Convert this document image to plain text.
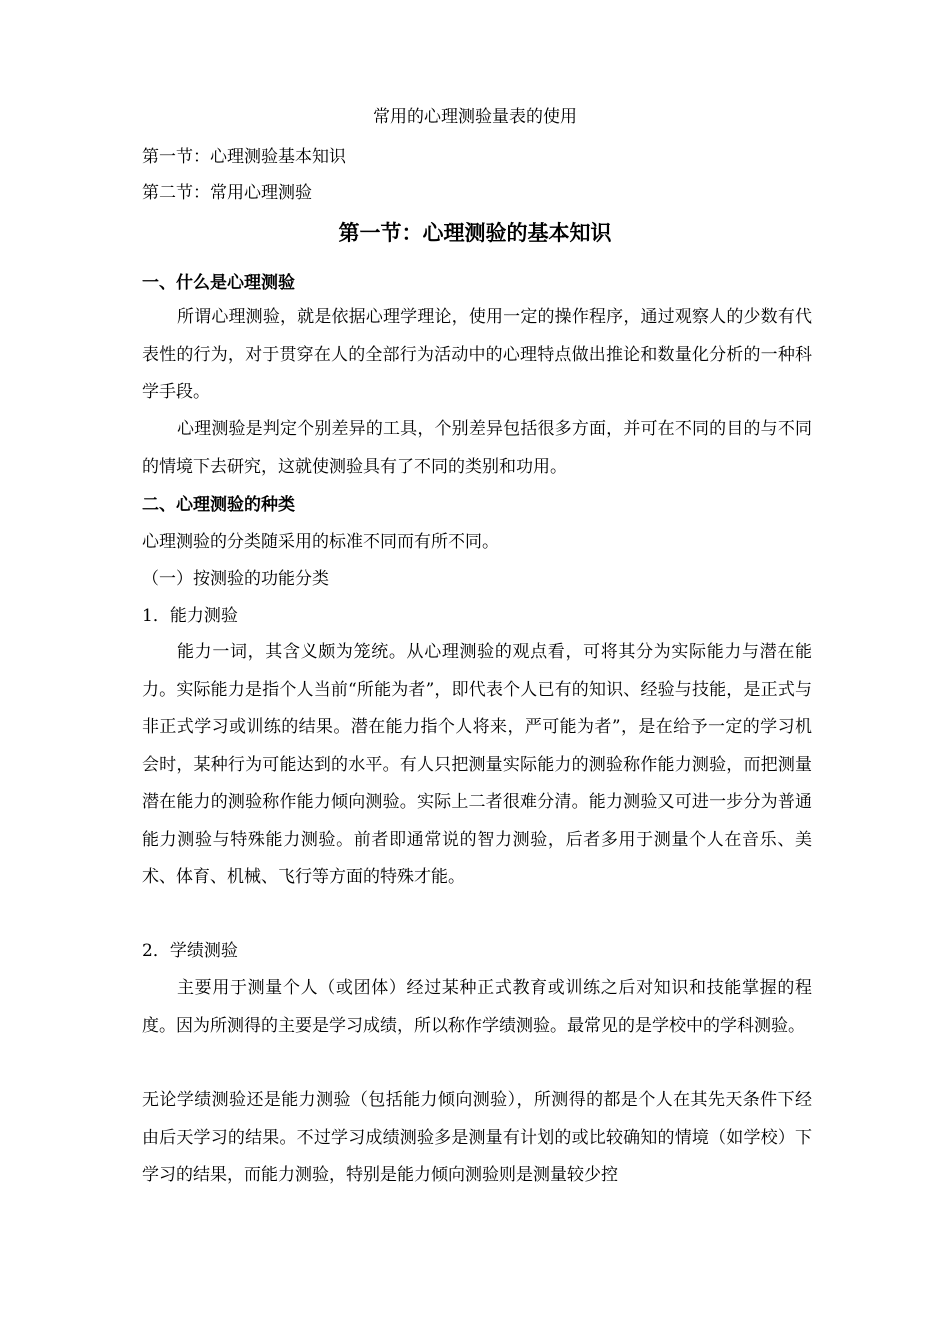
常用的心理测验量表的使用
第一节：心理测验基本知识
第二节：常用心理测验
第一节：心理测验的基本知识
一、什么是心理测验

所谓心理测验，就是依据心理学理论，使用一定的操作程序，通过观察人的少数有代表性的行为，对于贯穿在人的全部行为活动中的心理特点做出推论和数量化分析的一种科学手段。

心理测验是判定个别差异的工具，个别差异包括很多方面，并可在不同的目的与不同的情境下去研究，这就使测验具有了不同的类别和功用。

二、心理测验的种类
心理测验的分类随采用的标准不同而有所不同。
（一）按测验的功能分类
1．能力测验

能力一词，其含义颇为笼统。从心理测验的观点看，可将其分为实际能力与潜在能力。实际能力是指个人当前“所能为者”，即代表个人已有的知识、经验与技能，是正式与非正式学习或训练的结果。潜在能力指个人将来，严可能为者”，是在给予一定的学习机会时，某种行为可能达到的水平。有人只把测量实际能力的测验称作能力测验，而把测量潜在能力的测验称作能力倾向测验。实际上二者很难分清。能力测验又可进一步分为普通能力测验与特殊能力测验。前者即通常说的智力测验，后者多用于测量个人在音乐、美术、体育、机械、飞行等方面的特殊才能。

2．学绩测验

主要用于测量个人（或团体）经过某种正式教育或训练之后对知识和技能掌握的程度。因为所测得的主要是学习成绩，所以称作学绩测验。最常见的是学校中的学科测验。

无论学绩测验还是能力测验（包括能力倾向测验），所测得的都是个人在其先天条件下经由后天学习的结果。不过学习成绩测验多是测量有计划的或比较确知的情境（如学校）下学习的结果，而能力测验，特别是能力倾向测验则是测量较少控
